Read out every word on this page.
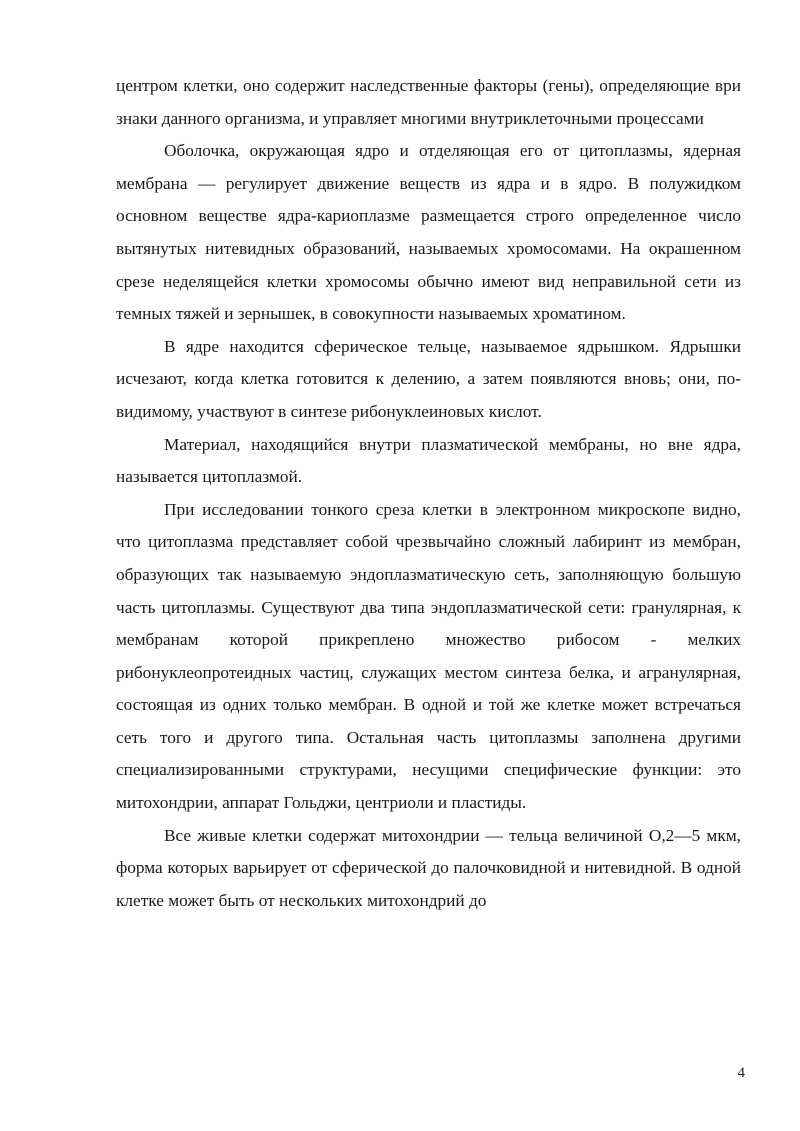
центром клетки, оно содержит наследственные факторы (гены), определяющие ври знаки данного организма, и управляет многими внутриклеточными процессами

Оболочка, окружающая ядро и отделяющая его от цитоплазмы, ядерная мембрана — регулирует движение веществ из ядра и в ядро. В полужидком основном веществе ядра-кариоплазме размещается строго определенное число вытянутых нитевидных образований, называемых хромосомами. На окрашенном срезе неделящейся клетки хромосомы обычно имеют вид неправильной сети из темных тяжей и зернышек, в совокупности называемых хроматином.

В ядре находится сферическое тельце, называемое ядрышком. Ядрышки исчезают, когда клетка готовится к делению, а затем появляются вновь; они, по-видимому, участвуют в синтезе рибонуклеиновых кислот.

Материал, находящийся внутри плазматической мембраны, но вне ядра, называется цитоплазмой.

При исследовании тонкого среза клетки в электронном микроскопе видно, что цитоплазма представляет собой чрезвычайно сложный лабиринт из мембран, образующих так называемую эндоплазматическую сеть, заполняющую большую часть цитоплазмы. Существуют два типа эндоплазматической сети: гранулярная, к мембранам которой прикреплено множество рибосом - мелких рибонуклеопротеидных частиц, служащих местом синтеза белка, и агранулярная, состоящая из одних только мембран. В одной и той же клетке может встречаться сеть того и другого типа. Остальная часть цитоплазмы заполнена другими специализированными структурами, несущими специфические функции: это митохондрии, аппарат Гольджи, центриоли и пластиды.

Все живые клетки содержат митохондрии — тельца величиной О,2—5 мкм, форма которых варьирует от сферической до палочковидной и нитевидной. В одной клетке может быть от нескольких митохондрий до

4
